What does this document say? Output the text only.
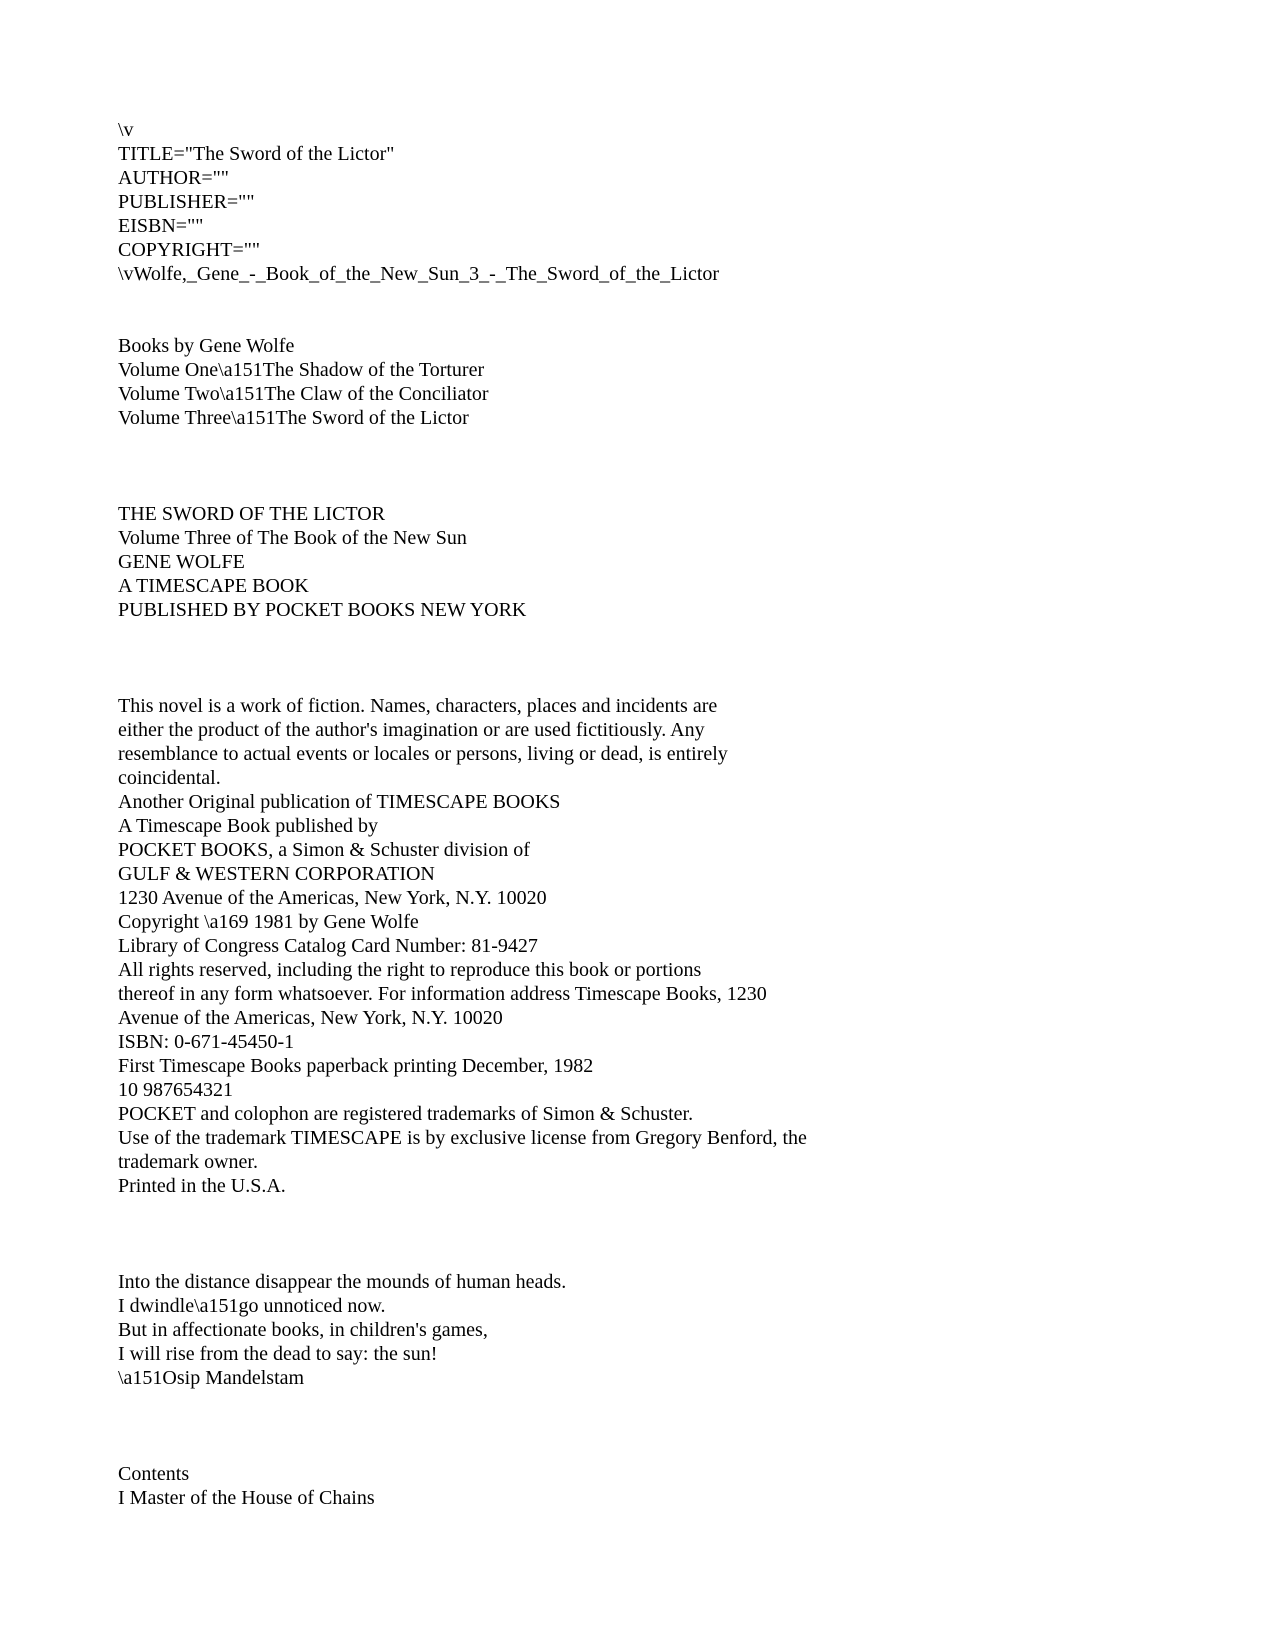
\v
TITLE="The Sword of the Lictor"
AUTHOR=""
PUBLISHER=""
EISBN=""
COPYRIGHT=""
\vWolfe,_Gene_-_Book_of_the_New_Sun_3_-_The_Sword_of_the_Lictor
Books by Gene Wolfe
Volume One\a151The Shadow of the Torturer
Volume Two\a151The Claw of the Conciliator
Volume Three\a151The Sword of the Lictor
THE SWORD OF THE LICTOR
Volume Three of The Book of the New Sun
GENE WOLFE
A TIMESCAPE BOOK
PUBLISHED BY POCKET BOOKS NEW YORK
This novel is a work of fiction. Names, characters, places and incidents are
either the product of the author's imagination or are used fictitiously. Any
resemblance to actual events or locales or persons, living or dead, is entirely
coincidental.
Another Original publication of TIMESCAPE BOOKS
A Timescape Book published by
POCKET BOOKS, a Simon & Schuster division of
GULF & WESTERN CORPORATION
1230 Avenue of the Americas, New York, N.Y. 10020
Copyright \a169 1981 by Gene Wolfe
Library of Congress Catalog Card Number: 81-9427
All rights reserved, including the right to reproduce this book or portions
thereof in any form whatsoever. For information address Timescape Books, 1230
Avenue of the Americas, New York, N.Y. 10020
ISBN: 0-671-45450-1
First Timescape Books paperback printing December, 1982
10 987654321
POCKET and colophon are registered trademarks of Simon & Schuster.
Use of the trademark TIMESCAPE is by exclusive license from Gregory Benford, the
trademark owner.
Printed in the U.S.A.
Into the distance disappear the mounds of human heads.
I dwindle\a151go unnoticed now.
But in affectionate books, in children's games,
I will rise from the dead to say: the sun!
\a151Osip Mandelstam
Contents
I Master of the House of Chains
